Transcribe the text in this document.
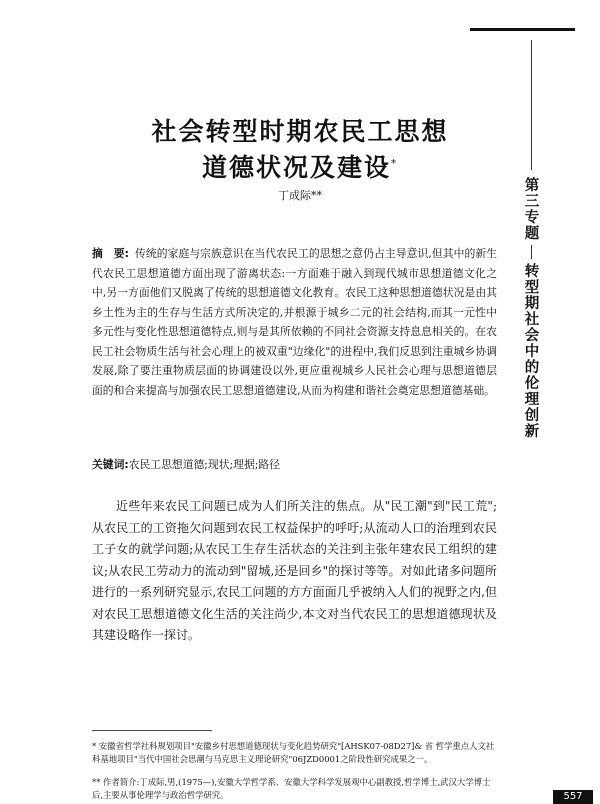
社会转型时期农民工思想
道德状况及建设*
丁成际**
摘　要: 传统的家庭与宗族意识在当代农民工的思想之意仍占主导意识,但其中的新生代农民工思想道德方面出现了游离状态:一方面难于融入到现代城市思想道德文化之中,另一方面他们又脱离了传统的思想道德文化教育。农民工这种思想道德状况是由其乡土性为主的生存与生活方式所决定的,并根源于城乡二元的社会结构,而其一元性中多元性与变化性思想道德特点,则与是其所依赖的不同社会资源支持息息相关的。在农民工社会物质生活与社会心理上的被双重"边缘化"的进程中,我们反思到注重城乡协调发展,除了要注重物质层面的协调建设以外,更应重视城乡人民社会心理与思想道德层面的和合来提高与加强农民工思想道德建设,从而为构建和谐社会奠定思想道德基础。
关键词:农民工思想道德;现状;理据;路径

近些年来农民工问题已成为人们所关注的焦点。从"民工潮"到"民工荒";从农民工的工资拖欠问题到农民工权益保护的呼吁;从流动人口的治理到农民工子女的就学问题;从农民工生存生活状态的关注到主张年建农民工组织的建议;从农民工劳动力的流动到"留城,还是回乡"的探讨等等。对如此诸多问题所进行的一系列研究显示,农民工问题的方方面面几乎被纳入人们的视野之内,但对农民工思想道德文化生活的关注尚少,本文对当代农民工的思想道德现状及其建设略作一探讨。

* 安徽省哲学社科规划项目"安徽乡村思想道德现状与变化趋势研究"[AHSK07-08D27]& 省 哲学重点人文社科基地项目"当代中国社会思潮与马克思主义理论研究"06JZD0001之阶段性研究成果之一。
** 作者简介:丁成际,男,(1975—),安徽大学哲学系、安徽大学科学发展观中心副教授,哲学博士,武汉大学博士后,主要从事伦理学与政治哲学研究。
第三专题
转型期社会中的伦理创新
557
